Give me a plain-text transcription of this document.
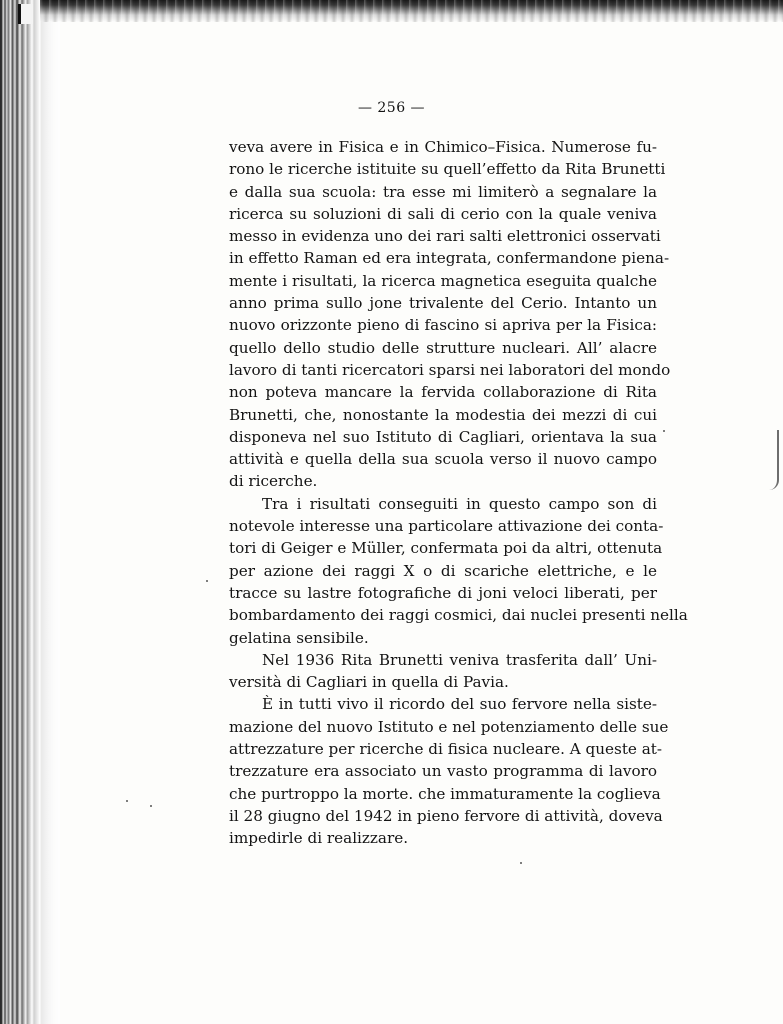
— 256 —
veva avere in Fisica e in Chimico–Fisica. Numerose fu-
rono le ricerche istituite su quell’effetto da Rita Brunetti
e dalla sua scuola: tra esse mi limiterò a segnalare la
ricerca su soluzioni di sali di cerio con la quale veniva
messo in evidenza uno dei rari salti elettronici osservati
in effetto Raman ed era integrata, confermandone piena-
mente i risultati, la ricerca magnetica eseguita qualche
anno prima sullo jone trivalente del Cerio. Intanto un
nuovo orizzonte pieno di fascino si apriva per la Fisica:
quello dello studio delle strutture nucleari. All’ alacre
lavoro di tanti ricercatori sparsi nei laboratori del mondo
non poteva mancare la fervida collaborazione di Rita
Brunetti, che, nonostante la modestia dei mezzi di cui
disponeva nel suo Istituto di Cagliari, orientava la sua
attività e quella della sua scuola verso il nuovo campo
di ricerche.
Tra i risultati conseguiti in questo campo son di
notevole interesse una particolare attivazione dei conta-
tori di Geiger e Müller, confermata poi da altri, ottenuta
per azione dei raggi X o di scariche elettriche, e le
tracce su lastre fotografiche di joni veloci liberati, per
bombardamento dei raggi cosmici, dai nuclei presenti nella
gelatina sensibile.
Nel 1936 Rita Brunetti veniva trasferita dall’ Uni-
versità di Cagliari in quella di Pavia.
È in tutti vivo il ricordo del suo fervore nella siste-
mazione del nuovo Istituto e nel potenziamento delle sue
attrezzature per ricerche di fisica nucleare. A queste at-
trezzature era associato un vasto programma di lavoro
che purtroppo la morte. che immaturamente la coglieva
il 28 giugno del 1942 in pieno fervore di attività, doveva
impedirle di realizzare.
